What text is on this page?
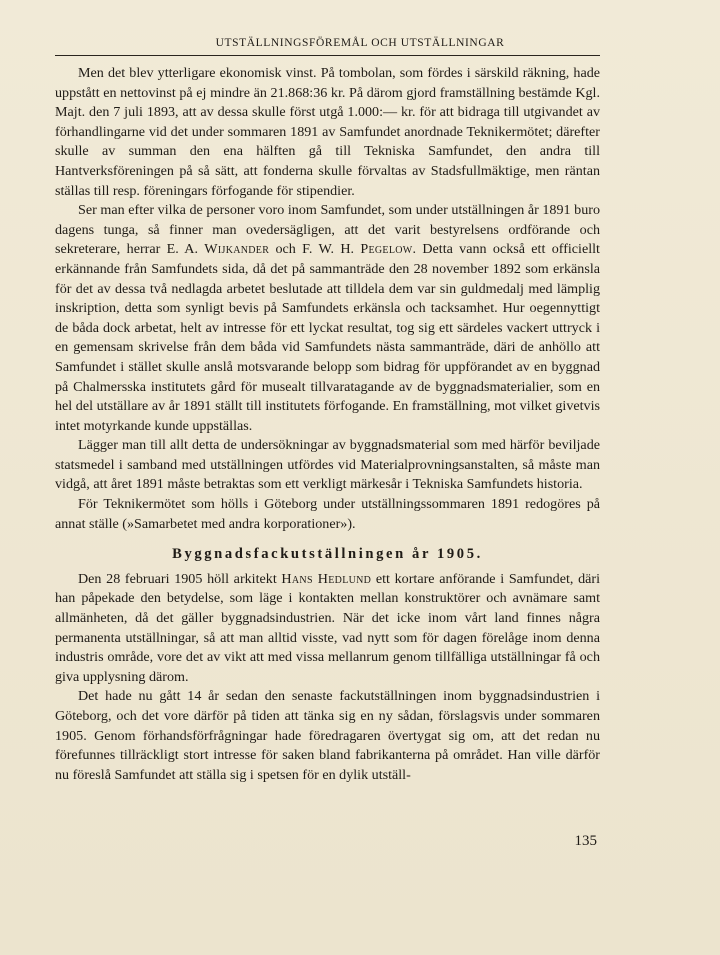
UTSTÄLLNINGSFÖREMÅL OCH UTSTÄLLNINGAR

Men det blev ytterligare ekonomisk vinst. På tombolan, som fördes i särskild räkning, hade uppstått en nettovinst på ej mindre än 21.868:36 kr. På därom gjord framställning bestämde Kgl. Majt. den 7 juli 1893, att av dessa skulle först utgå 1.000:— kr. för att bidraga till utgivandet av förhandlingarne vid det under sommaren 1891 av Samfundet anordnade Teknikermötet; därefter skulle av summan den ena hälften gå till Tekniska Samfundet, den andra till Hantverksföreningen på så sätt, att fonderna skulle förvaltas av Stadsfullmäktige, men räntan ställas till resp. föreningars förfogande för stipendier.

Ser man efter vilka de personer voro inom Samfundet, som under utställningen år 1891 buro dagens tunga, så finner man ovedersägligen, att det varit bestyrelsens ordförande och sekreterare, herrar E. A. Wijkander och F. W. H. Pegelow. Detta vann också ett officiellt erkännande från Samfundets sida, då det på sammanträde den 28 november 1892 som erkänsla för det av dessa två nedlagda arbetet beslutade att tilldela dem var sin guldmedalj med lämplig inskription, detta som synligt bevis på Samfundets erkänsla och tacksamhet. Hur oegennyttigt de båda dock arbetat, helt av intresse för ett lyckat resultat, tog sig ett särdeles vackert uttryck i en gemensam skrivelse från dem båda vid Samfundets nästa sammanträde, däri de anhöllo att Samfundet i stället skulle anslå motsvarande belopp som bidrag för uppförandet av en byggnad på Chalmersska institutets gård för musealt tillvaratagande av de byggnadsmaterialier, som en hel del utställare av år 1891 ställt till institutets förfogande. En framställning, mot vilket givetvis intet motyrkande kunde uppställas.

Lägger man till allt detta de undersökningar av byggnadsmaterial som med härför beviljade statsmedel i samband med utställningen utfördes vid Materialprovningsanstalten, så måste man vidgå, att året 1891 måste betraktas som ett verkligt märkesår i Tekniska Samfundets historia.

För Teknikermötet som hölls i Göteborg under utställningssommaren 1891 redogöres på annat ställe (»Samarbetet med andra korporationer»).

Byggnadsfackutställningen år 1905.

Den 28 februari 1905 höll arkitekt Hans Hedlund ett kortare anförande i Samfundet, däri han påpekade den betydelse, som läge i kontakten mellan konstruktörer och avnämare samt allmänheten, då det gäller byggnadsindustrien. När det icke inom vårt land finnes några permanenta utställningar, så att man alltid visste, vad nytt som för dagen förelåge inom denna industris område, vore det av vikt att med vissa mellanrum genom tillfälliga utställningar få och giva upplysning därom.

Det hade nu gått 14 år sedan den senaste fackutställningen inom byggnadsindustrien i Göteborg, och det vore därför på tiden att tänka sig en ny sådan, förslagsvis under sommaren 1905. Genom förhandsförfrågningar hade föredragaren övertygat sig om, att det redan nu förefunnes tillräckligt stort intresse för saken bland fabrikanterna på området. Han ville därför nu föreslå Samfundet att ställa sig i spetsen för en dylik utställ-

135
